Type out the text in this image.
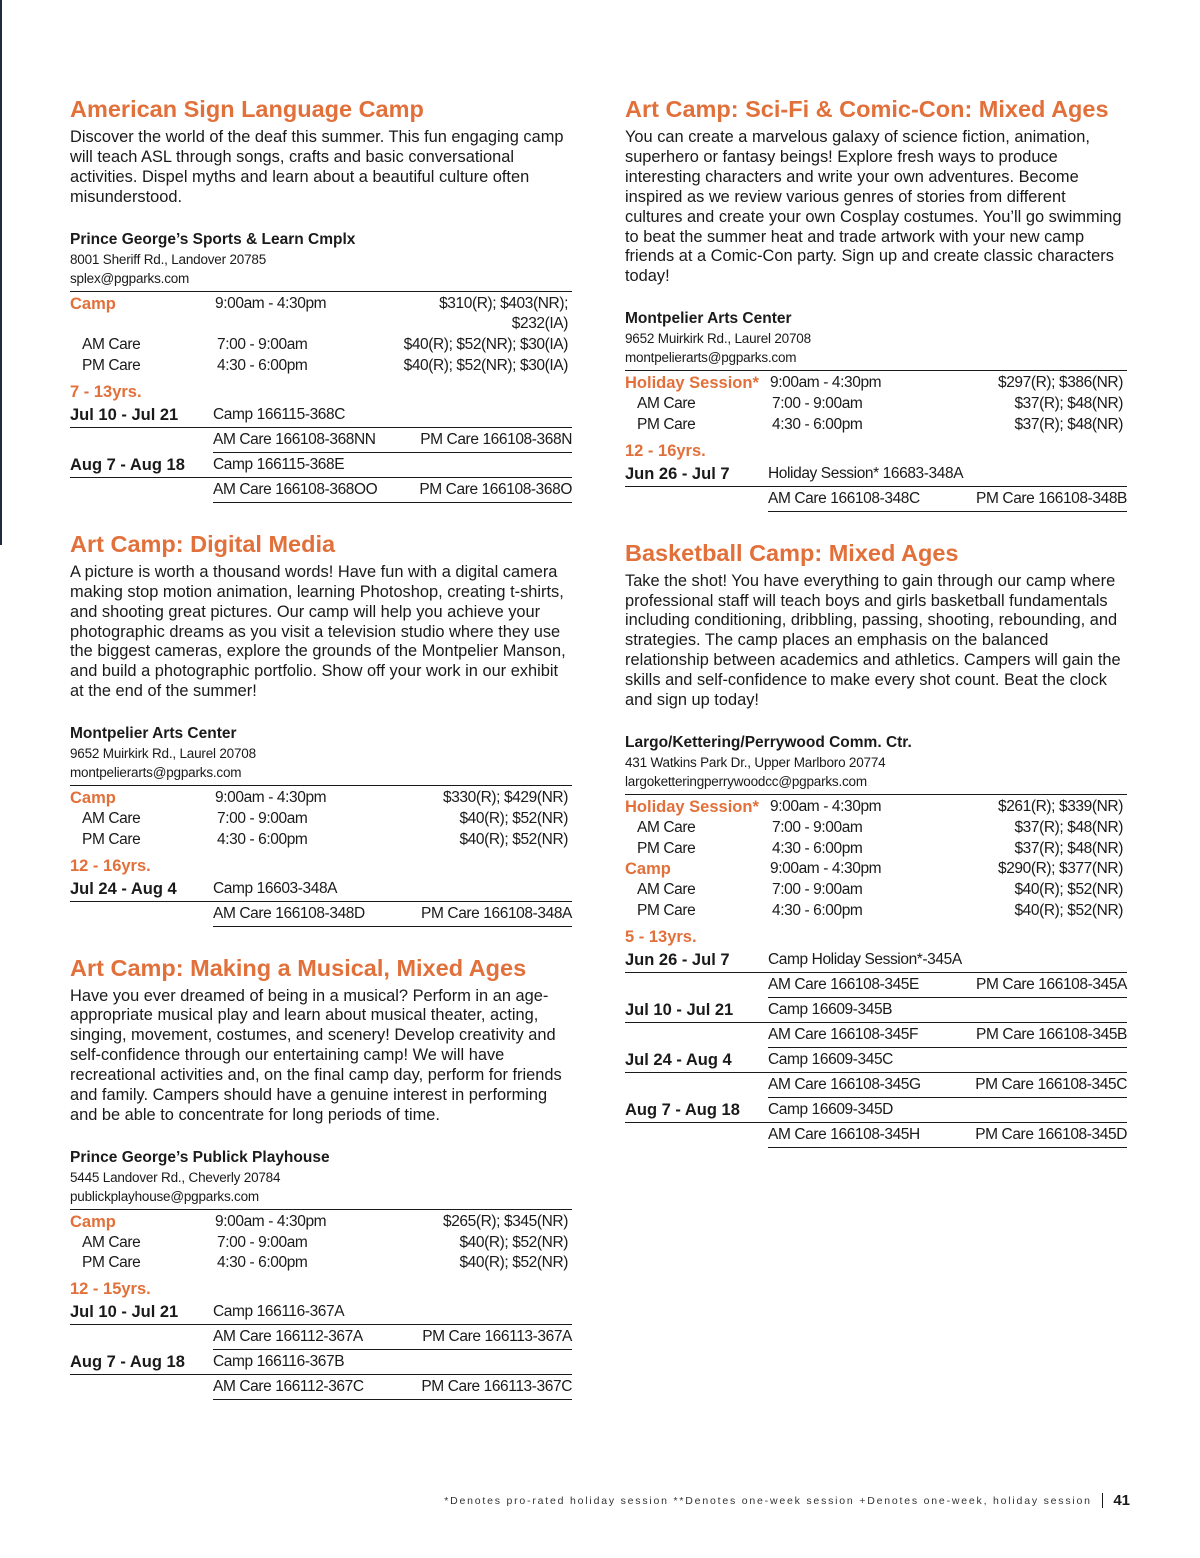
American Sign Language Camp

Discover the world of the deaf this summer. This fun engaging camp will teach ASL through songs, crafts and basic conversational activities. Dispel myths and learn about a beautiful culture often misunderstood.

Prince George’s Sports & Learn Cmplx
8001 Sheriff Rd., Landover 20785
splex@pgparks.com
Camp	9:00am - 4:30pm	$310(R); $403(NR); $232(IA)
AM Care	7:00 - 9:00am	$40(R); $52(NR); $30(IA)
PM Care	4:30 - 6:00pm	$40(R); $52(NR); $30(IA)
7 - 13yrs.
Jul 10 - Jul 21	Camp 166115-368C
AM Care 166108-368NN	PM Care 166108-368N
Aug 7 - Aug 18	Camp 166115-368E
AM Care 166108-368OO	PM Care 166108-368O
Art Camp: Digital Media

A picture is worth a thousand words! Have fun with a digital camera making stop motion animation, learning Photoshop, creating t-shirts, and shooting great pictures. Our camp will help you achieve your photographic dreams as you visit a television studio where they use the biggest cameras, explore the grounds of the Montpelier Manson, and build a photographic portfolio. Show off your work in our exhibit at the end of the summer!

Montpelier Arts Center
9652 Muirkirk Rd., Laurel 20708
montpelierarts@pgparks.com
Camp	9:00am - 4:30pm	$330(R); $429(NR)
AM Care	7:00 - 9:00am	$40(R); $52(NR)
PM Care	4:30 - 6:00pm	$40(R); $52(NR)
12 - 16yrs.
Jul 24 - Aug 4	Camp 16603-348A
AM Care 166108-348D	PM Care 166108-348A
Art Camp: Making a Musical, Mixed Ages

Have you ever dreamed of being in a musical? Perform in an age-appropriate musical play and learn about musical theater, acting, singing, movement, costumes, and scenery! Develop creativity and self-confidence through our entertaining camp! We will have recreational activities and, on the final camp day, perform for friends and family. Campers should have a genuine interest in performing and be able to concentrate for long periods of time.

Prince George’s Publick Playhouse
5445 Landover Rd., Cheverly 20784
publickplayhouse@pgparks.com
Camp	9:00am - 4:30pm	$265(R); $345(NR)
AM Care	7:00 - 9:00am	$40(R); $52(NR)
PM Care	4:30 - 6:00pm	$40(R); $52(NR)
12 - 15yrs.
Jul 10 - Jul 21	Camp 166116-367A
AM Care 166112-367A	PM Care 166113-367A
Aug 7 - Aug 18	Camp 166116-367B
AM Care 166112-367C	PM Care 166113-367C
Art Camp: Sci-Fi & Comic-Con: Mixed Ages

You can create a marvelous galaxy of science fiction, animation, superhero or fantasy beings! Explore fresh ways to produce interesting characters and write your own adventures. Become inspired as we review various genres of stories from different cultures and create your own Cosplay costumes. You’ll go swimming to beat the summer heat and trade artwork with your new camp friends at a Comic-Con party. Sign up and create classic characters today!

Montpelier Arts Center
9652 Muirkirk Rd., Laurel 20708
montpelierarts@pgparks.com
Holiday Session* 9:00am - 4:30pm	$297(R); $386(NR)
AM Care	7:00 - 9:00am	$37(R); $48(NR)
PM Care	4:30 - 6:00pm	$37(R); $48(NR)
12 - 16yrs.
Jun 26 - Jul 7	Holiday Session* 16683-348A
AM Care 166108-348C	PM Care 166108-348B
Basketball Camp: Mixed Ages

Take the shot! You have everything to gain through our camp where professional staff will teach boys and girls basketball fundamentals including conditioning, dribbling, passing, shooting, rebounding, and strategies. The camp places an emphasis on the balanced relationship between academics and athletics. Campers will gain the skills and self-confidence to make every shot count. Beat the clock and sign up today!

Largo/Kettering/Perrywood Comm. Ctr.
431 Watkins Park Dr., Upper Marlboro 20774
largoketteringperrywoodcc@pgparks.com
Holiday Session* 9:00am - 4:30pm	$261(R); $339(NR)
AM Care	7:00 - 9:00am	$37(R); $48(NR)
PM Care	4:30 - 6:00pm	$37(R); $48(NR)
Camp	9:00am - 4:30pm	$290(R); $377(NR)
AM Care	7:00 - 9:00am	$40(R); $52(NR)
PM Care	4:30 - 6:00pm	$40(R); $52(NR)
5 - 13yrs.
Jun 26 - Jul 7	Camp Holiday Session*-345A
AM Care 166108-345E	PM Care 166108-345A
Jul 10 - Jul 21	Camp 16609-345B
AM Care 166108-345F	PM Care 166108-345B
Jul 24 - Aug 4	Camp 16609-345C
AM Care 166108-345G	PM Care 166108-345C
Aug 7 - Aug 18	Camp 16609-345D
AM Care 166108-345H	PM Care 166108-345D
*Denotes pro-rated holiday session **Denotes one-week session +Denotes one-week, holiday session 41
